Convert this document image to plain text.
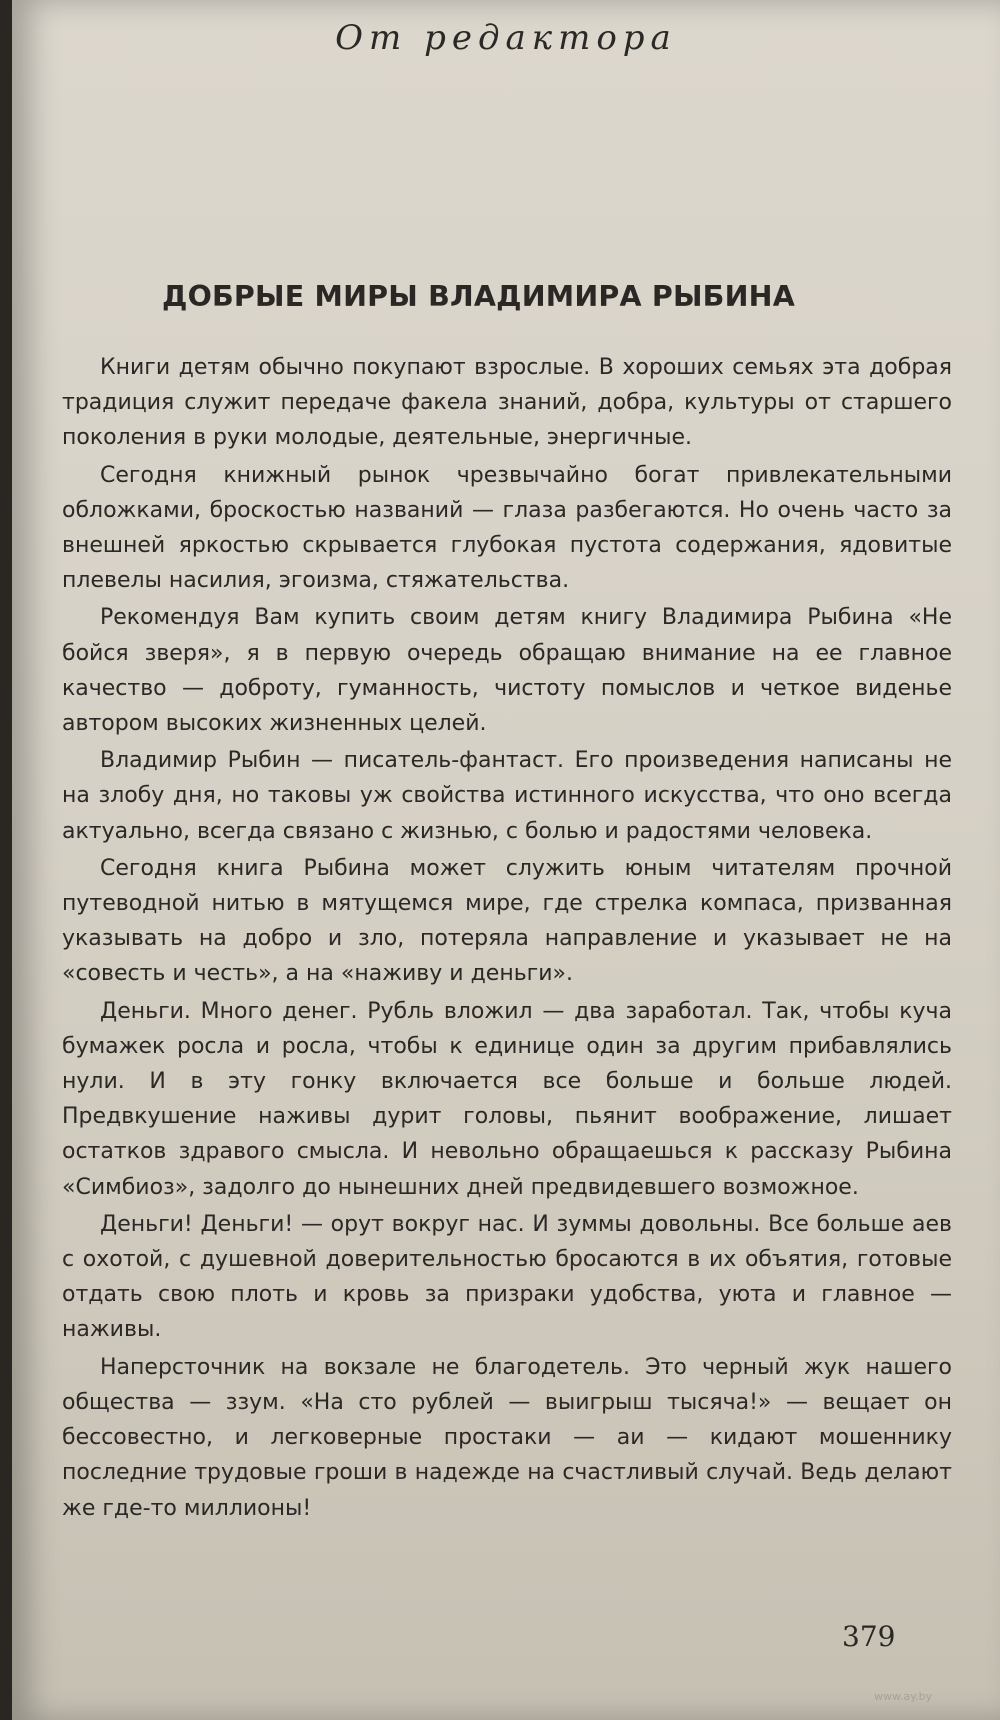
От редактора
ДОБРЫЕ МИРЫ ВЛАДИМИРА РЫБИНА

Книги детям обычно покупают взрослые. В хороших семьях эта добрая традиция служит передаче факела знаний, добра, культуры от старшего поколения в руки молодые, деятельные, энергичные.

Сегодня книжный рынок чрезвычайно богат привлекательными обложками, броскостью названий — глаза разбегаются. Но очень часто за внешней яркостью скрывается глубокая пустота содержания, ядовитые плевелы насилия, эгоизма, стяжательства.

Рекомендуя Вам купить своим детям книгу Владимира Рыбина «Не бойся зверя», я в первую очередь обращаю внимание на ее главное качество — доброту, гуманность, чистоту помыслов и четкое виденье автором высоких жизненных целей.

Владимир Рыбин — писатель-фантаст. Его произведения написаны не на злобу дня, но таковы уж свойства истинного искусства, что оно всегда актуально, всегда связано с жизнью, с болью и радостями человека.

Сегодня книга Рыбина может служить юным читателям прочной путеводной нитью в мятущемся мире, где стрелка компаса, призванная указывать на добро и зло, потеряла направление и указывает не на «совесть и честь», а на «наживу и деньги».

Деньги. Много денег. Рубль вложил — два заработал. Так, чтобы куча бумажек росла и росла, чтобы к единице один за другим прибавлялись нули. И в эту гонку включается все больше и больше людей. Предвкушение наживы дурит головы, пьянит воображение, лишает остатков здравого смысла. И невольно обращаешься к рассказу Рыбина «Симбиоз», задолго до нынешних дней предвидевшего возможное.

Деньги! Деньги! — орут вокруг нас. И зуммы довольны. Все больше аев с охотой, с душевной доверительностью бросаются в их объятия, готовые отдать свою плоть и кровь за призраки удобства, уюта и главное — наживы.

Наперсточник на вокзале не благодетель. Это черный жук нашего общества — ззум. «На сто рублей — выигрыш тысяча!» — вещает он бессовестно, и легковерные простаки — аи — кидают мошеннику последние трудовые гроши в надежде на счастливый случай. Ведь делают же где-то миллионы!

379
www.ay.by
